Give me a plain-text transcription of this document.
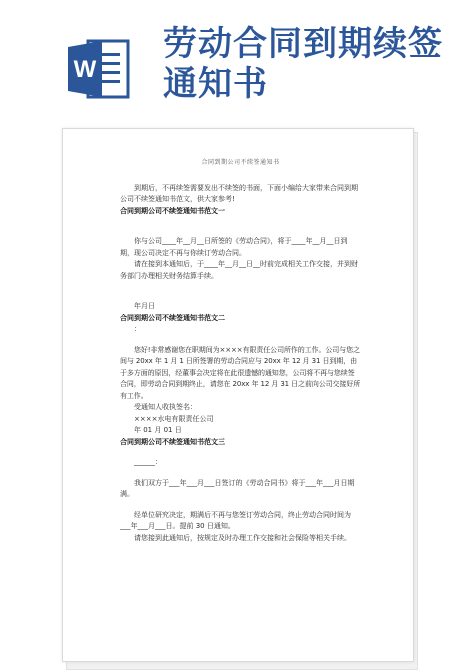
W
劳动合同到期续签
通知书
合同到期公司不续签通知书

到期后，不再续签需要发出不续签的书面，下面小编给大家带来合同到期公司不续签通知书范文，供大家参考!

合同到期公司不续签通知书范文一

你与公司____年__月__日所签的《劳动合同》，将于____年__月__日到期，现公司决定不再与你续订劳动合同。

请在接到本通知后，于____年__月__日__时前完成相关工作交接，并到财务部门办理相关财务结算手续。

年月日

合同到期公司不续签通知书范文二

：

您好!非常感谢您在职期间为××××有限责任公司所作的工作。公司与您之间与 20xx 年 1 月 1 日所签署的劳动合同应与 20xx 年 12 月 31 日到期，由于多方面的原因，经董事会决定将在此很遗憾的通知您，公司将不再与您续签合同，即劳动合同到期终止，请您在 20xx 年 12 月 31 日之前向公司交接好所有工作。

受通知人收执签名：

××××水电有限责任公司

年 01 月 01 日

合同到期公司不续签通知书范文三

______：

我们双方于___年___月___日签订的《劳动合同书》将于___年___月日期满。

经单位研究决定，期满后不再与您签订劳动合同，终止劳动合同时间为___年___月___日。提前 30 日通知。

请您接到此通知后，按规定及时办理工作交接和社会保险等相关手续。
